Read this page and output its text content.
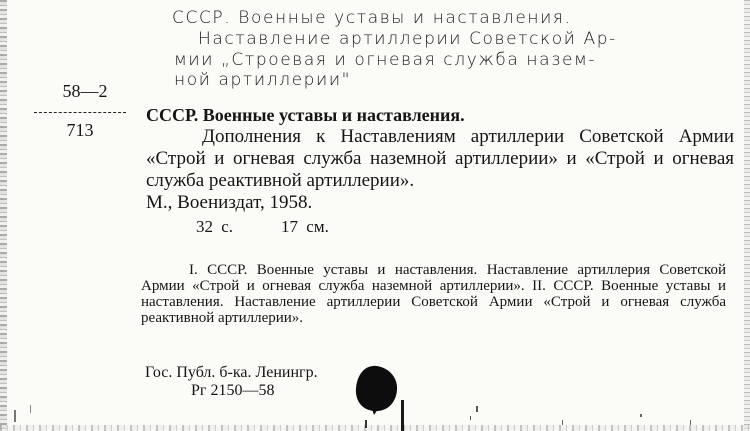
СССР. Военные уставы и наставления.
Наставление артиллерии Советской Ар-
мии „Строевая и огневая служба назем-
ной артиллерии"
58—2
713
СССР. Военные уставы и наставления.
Дополнения к Наставлениям артиллерии Советской Армии «Строй и огневая служба наземной артиллерии» и «Строй и огневая служба реактивной артиллерии».
М., Воениздат, 1958.
32 с.	17 см.

I. СССР. Военные уставы и наставления. Наставление артиллерия Советской Армии «Строй и огневая служба наземной артиллерии». II. СССР. Военные уставы и наставления. Наставление артиллерии Советской Армии «Строй и огневая служба реактивной артиллерии».

Гос. Публ. б-ка. Ленингр.
Рг 2150—58
